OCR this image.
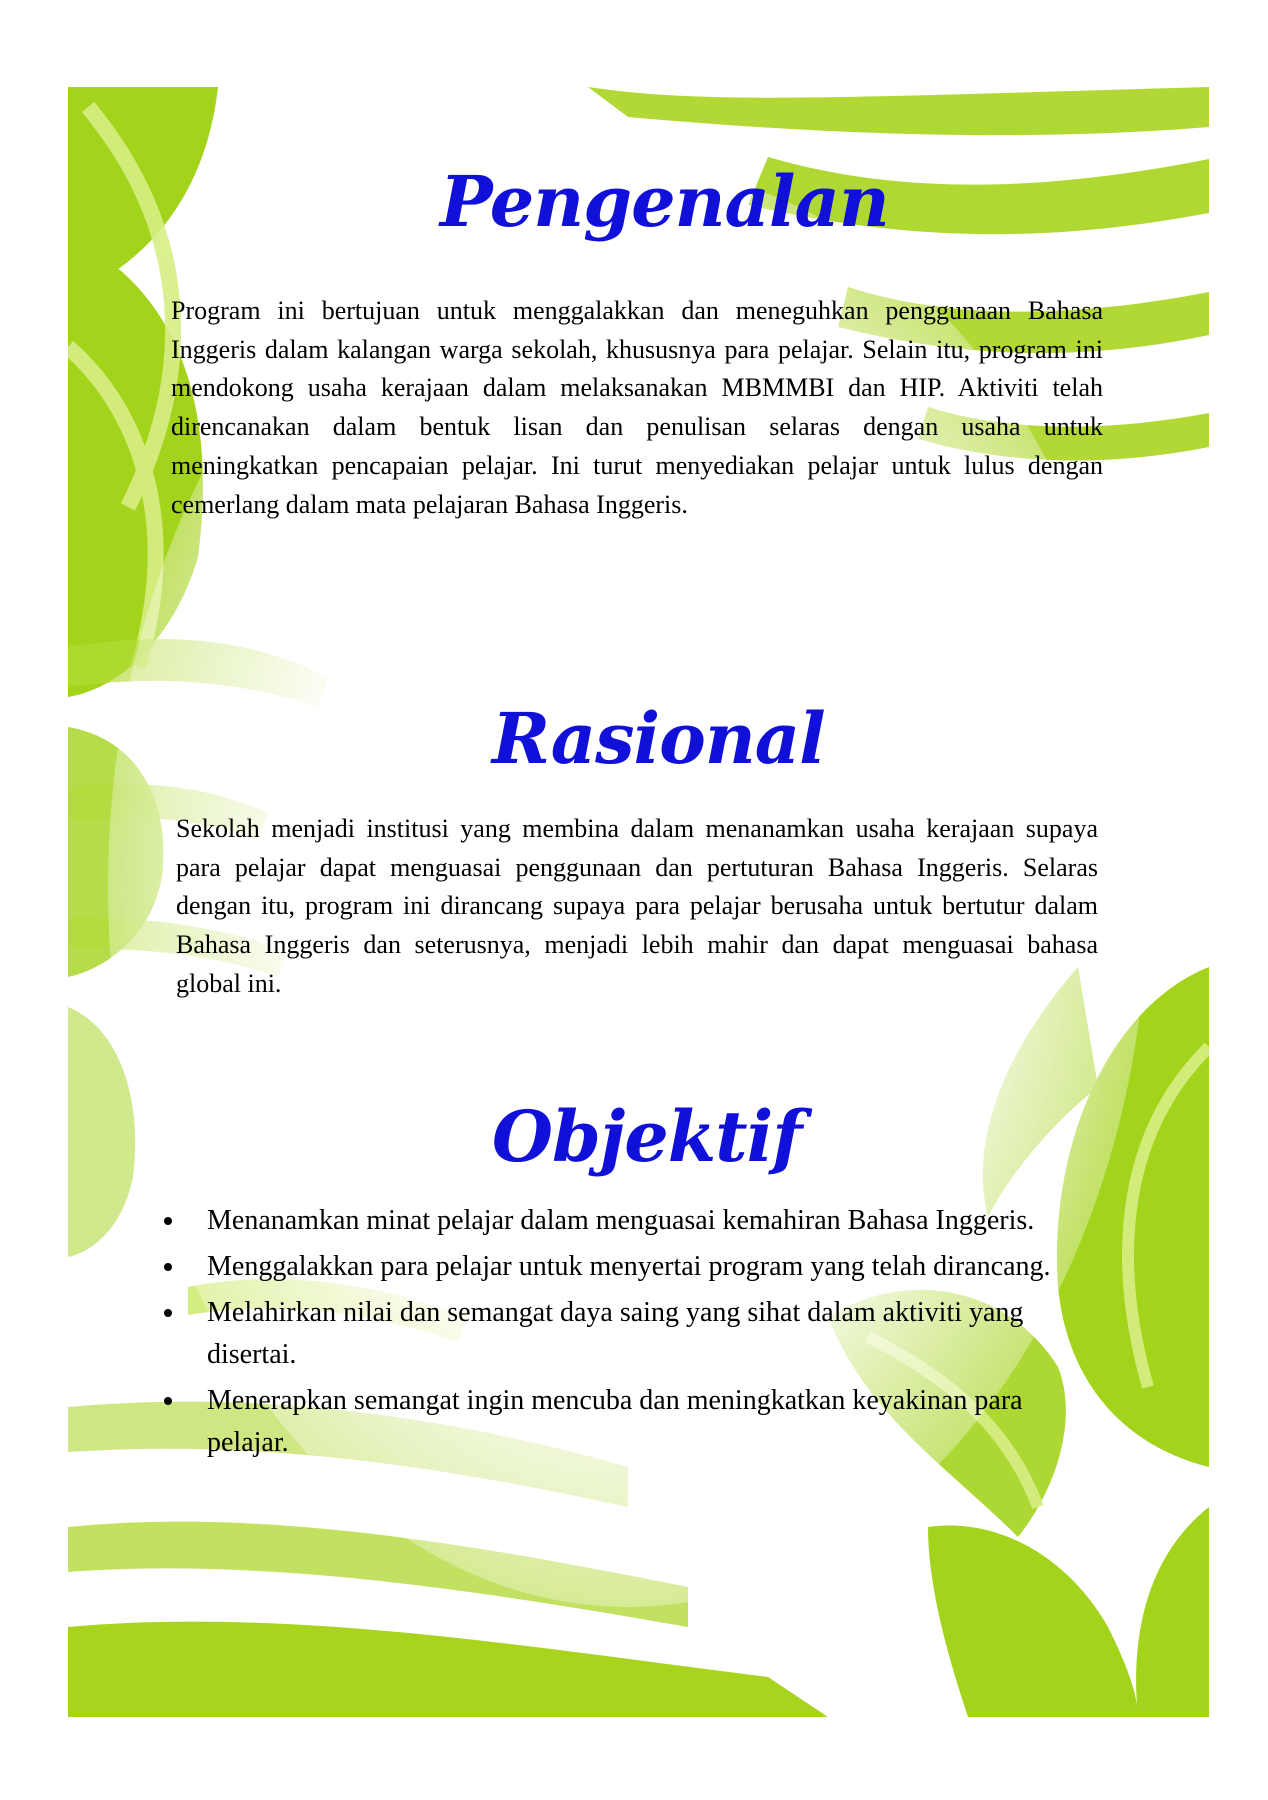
Pengenalan

Program ini bertujuan untuk menggalakkan dan meneguhkan penggunaan Bahasa Inggeris dalam kalangan warga sekolah, khususnya para pelajar. Selain itu, program ini mendokong usaha kerajaan dalam melaksanakan MBMMBI dan HIP. Aktiviti telah direncanakan dalam bentuk lisan dan penulisan selaras dengan usaha untuk meningkatkan pencapaian pelajar. Ini turut menyediakan pelajar untuk lulus dengan cemerlang dalam mata pelajaran Bahasa Inggeris.

Rasional

Sekolah menjadi institusi yang membina dalam menanamkan usaha kerajaan supaya para pelajar dapat menguasai penggunaan dan pertuturan Bahasa Inggeris. Selaras dengan itu, program ini dirancang supaya para pelajar berusaha untuk bertutur dalam Bahasa Inggeris dan seterusnya, menjadi lebih mahir dan dapat menguasai bahasa global ini.

Objektif
Menanamkan minat pelajar dalam menguasai kemahiran Bahasa Inggeris.
Menggalakkan para pelajar untuk menyertai program yang telah dirancang.
Melahirkan nilai dan semangat daya saing yang sihat dalam aktiviti yang disertai.
Menerapkan semangat ingin mencuba dan meningkatkan keyakinan para pelajar.
